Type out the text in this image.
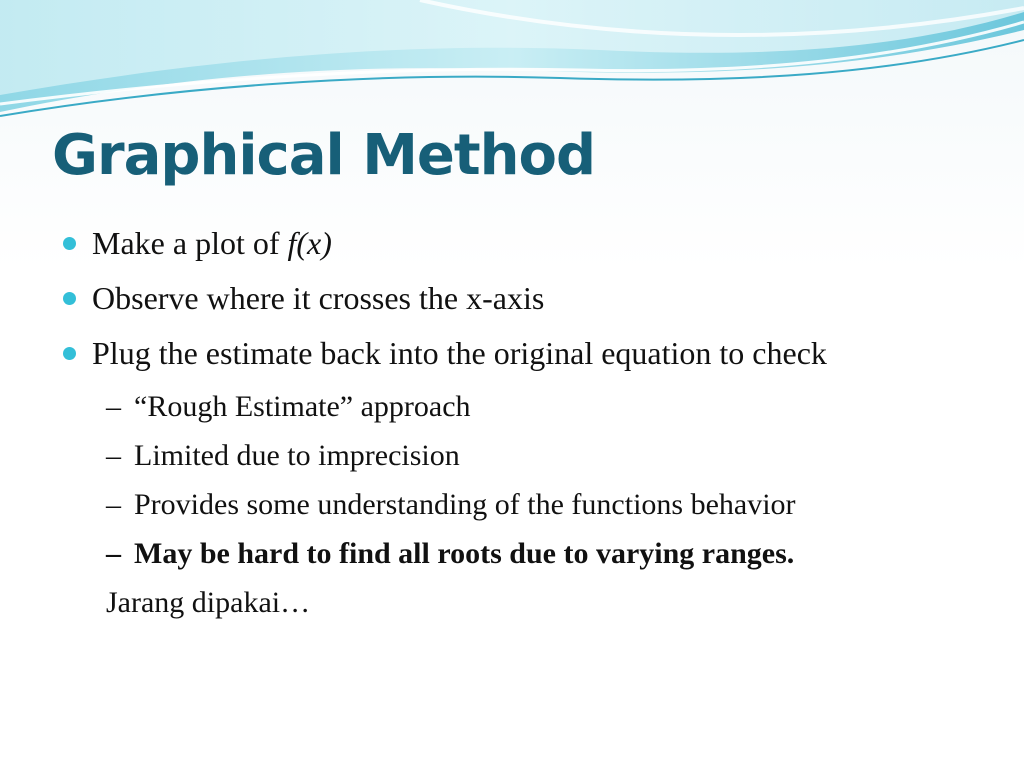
Graphical Method
Make a plot of f(x)
Observe where it crosses the x-axis
Plug the estimate back into the original equation to check
– “Rough Estimate” approach
– Limited due to imprecision
– Provides some understanding of the functions behavior
– May be hard to find all roots due to varying ranges.
Jarang dipakai…
